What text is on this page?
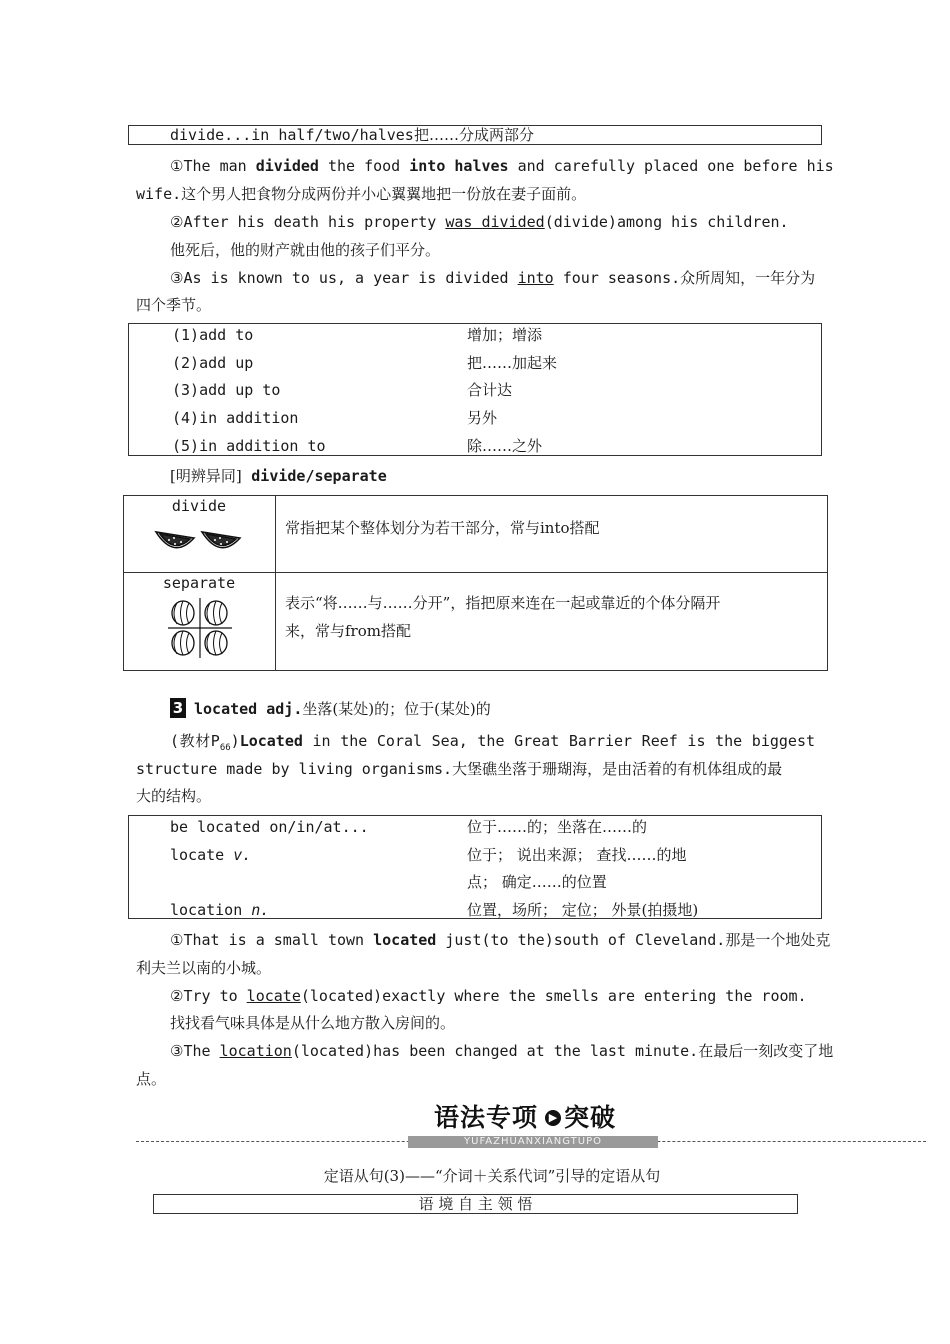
divide...in half/two/halves 把……分成两部分
①The man divided the food into halves and carefully placed one before his
wife.这个男人把食物分成两份并小心翼翼地把一份放在妻子面前。
②After his death his property was divided(divide)among his children.
他死后，他的财产就由他的孩子们平分。
③As is known to us, a year is divided into four seasons.众所周知，一年分为
四个季节。
(1)add to	增加；增添
(2)add up	把……加起来
(3)add up to	合计达
(4)in addition	另外
(5)in addition to	除……之外
[明辨异同] divide/separate
divide
常指把某个整体划分为若干部分，常与into搭配
separate
表示“将……与……分开”，指把原来连在一起或靠近的个体分隔开
来，常与from搭配
3 located adj.坐落(某处)的；位于(某处)的
(教材$P_{66})Located$ in the Coral Sea, the Great Barrier Reef is the biggest
structure made by living organisms.大堡礁坐落于珊瑚海，是由活着的有机体组成的最
大的结构。
be located on/in/at...	位于……的；坐落在……的
locate v.	位于； 说出来源； 查找……的地
点； 确定……的位置
location n.	位置，场所； 定位； 外景(拍摄地)
①That is a small town located just(to the)south of Cleveland.那是一个地处克
利夫兰以南的小城。
②Try to locate(located)exactly where the smells are entering the room.
找找看气味具体是从什么地方散入房间的。
③The location(located)has been changed at the last minute.在最后一刻改变了地
点。
语法专项 ▶ 突破
YUFAZHUANXIANGTUPO
定语从句(3)——“介词＋关系代词”引导的定语从句
语 境 自 主 领 悟
